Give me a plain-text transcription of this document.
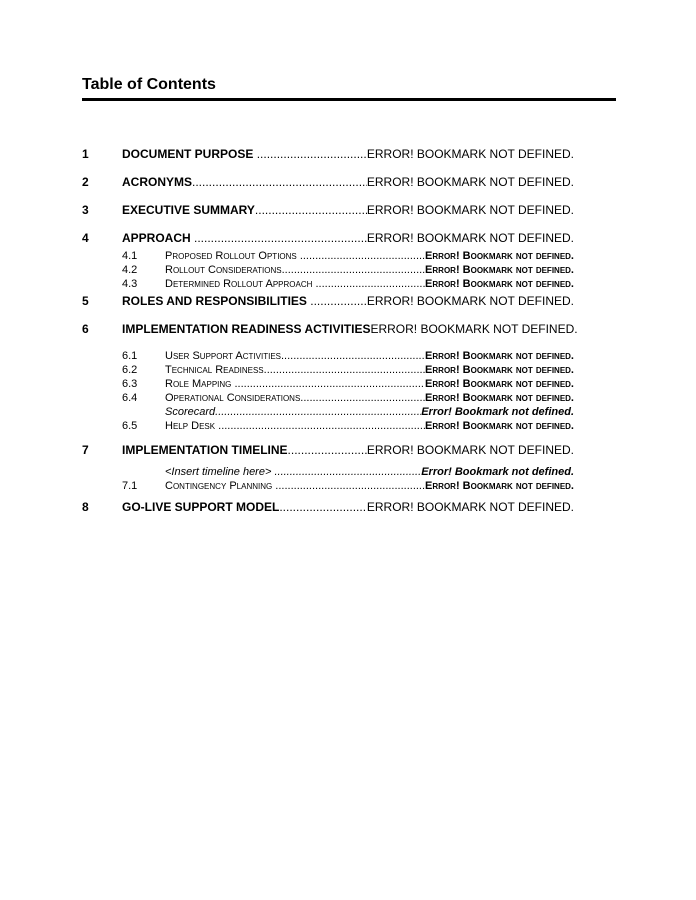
Table of Contents
1	DOCUMENT PURPOSE .....	ERROR! BOOKMARK NOT DEFINED.
2	ACRONYMS .....	ERROR! BOOKMARK NOT DEFINED.
3	EXECUTIVE SUMMARY .....	ERROR! BOOKMARK NOT DEFINED.
4	APPROACH .....	ERROR! BOOKMARK NOT DEFINED.
4.1	Proposed Rollout Options .....	Error! Bookmark not defined.
4.2	Rollout Considerations .....	Error! Bookmark not defined.
4.3	Determined Rollout Approach .....	Error! Bookmark not defined.
5	ROLES AND RESPONSIBILITIES .....	ERROR! BOOKMARK NOT DEFINED.
6	IMPLEMENTATION READINESS ACTIVITIES ERROR! BOOKMARK NOT DEFINED.
6.1	User Support Activities .....	Error! Bookmark not defined.
6.2	Technical Readiness .....	Error! Bookmark not defined.
6.3	Role Mapping .....	Error! Bookmark not defined.
6.4	Operational Considerations .....	Error! Bookmark not defined.
Scorecard .....	Error! Bookmark not defined.
6.5	Help Desk .....	Error! Bookmark not defined.
7	IMPLEMENTATION TIMELINE .....	ERROR! BOOKMARK NOT DEFINED.
<Insert timeline here> .....	Error! Bookmark not defined.
7.1	Contingency Planning .....	Error! Bookmark not defined.
8	GO-LIVE SUPPORT MODEL .....	ERROR! BOOKMARK NOT DEFINED.
